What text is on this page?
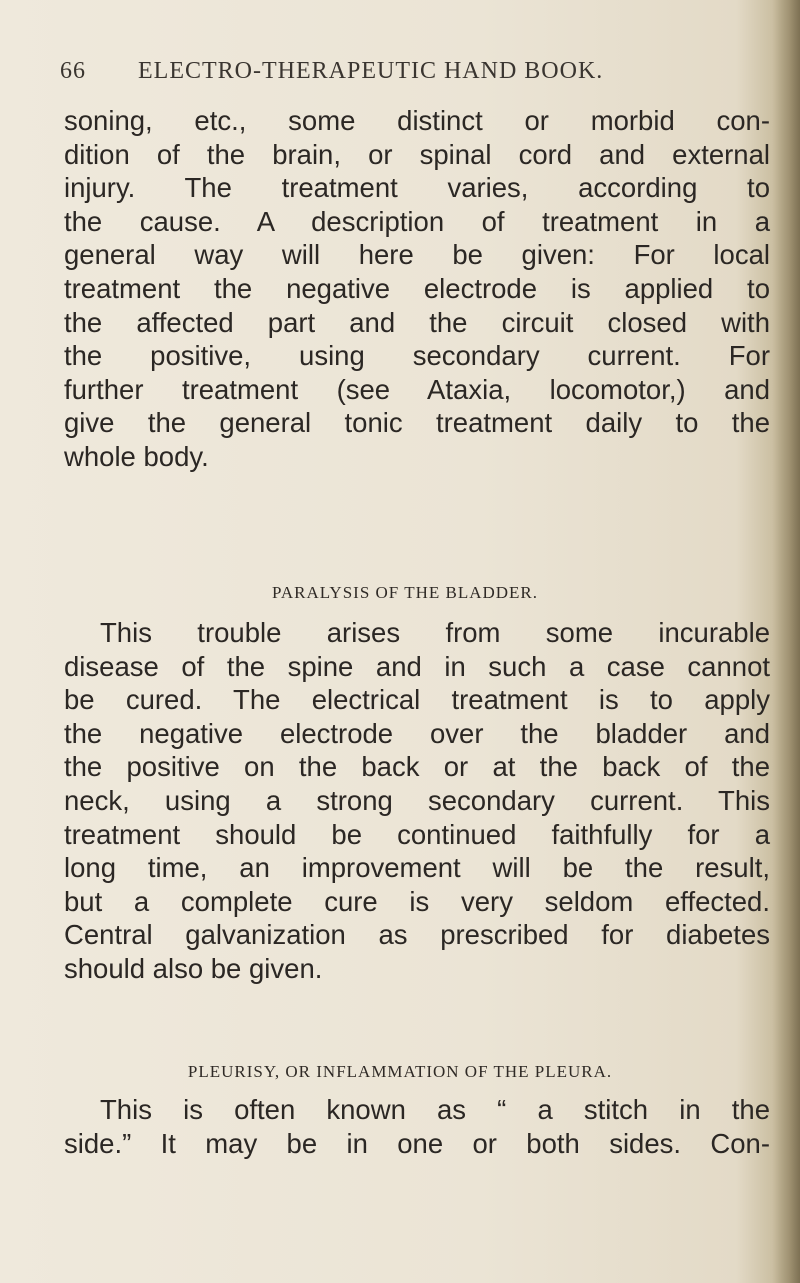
66 ELECTRO-THERAPEUTIC HAND BOOK.
soning, etc., some distinct or morbid con-
dition of the brain, or spinal cord and external
injury. The treatment varies, according to
the cause. A description of treatment in a
general way will here be given: For local
treatment the negative electrode is applied to
the affected part and the circuit closed with
the positive, using secondary current. For
further treatment (see Ataxia, locomotor,) and
give the general tonic treatment daily to the
whole body.
PARALYSIS OF THE BLADDER.
This trouble arises from some incurable
disease of the spine and in such a case cannot
be cured. The electrical treatment is to apply
the negative electrode over the bladder and
the positive on the back or at the back of the
neck, using a strong secondary current. This
treatment should be continued faithfully for a
long time, an improvement will be the result,
but a complete cure is very seldom effected.
Central galvanization as prescribed for diabetes
should also be given.
PLEURISY, OR INFLAMMATION OF THE PLEURA.
This is often known as “ a stitch in the
side.” It may be in one or both sides. Con-
